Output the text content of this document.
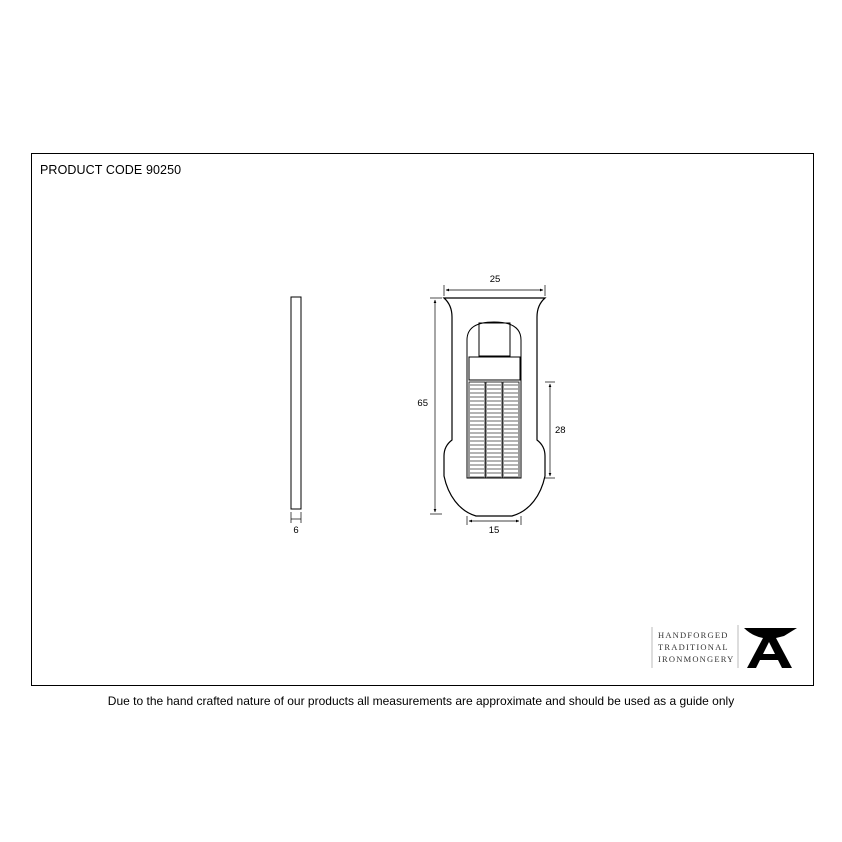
PRODUCT CODE 90250
6
25
65
28
15
HANDFORGED
TRADITIONAL
IRONMONGERY
Due to the hand crafted nature of our products all measurements are approximate and should be used as a guide only
